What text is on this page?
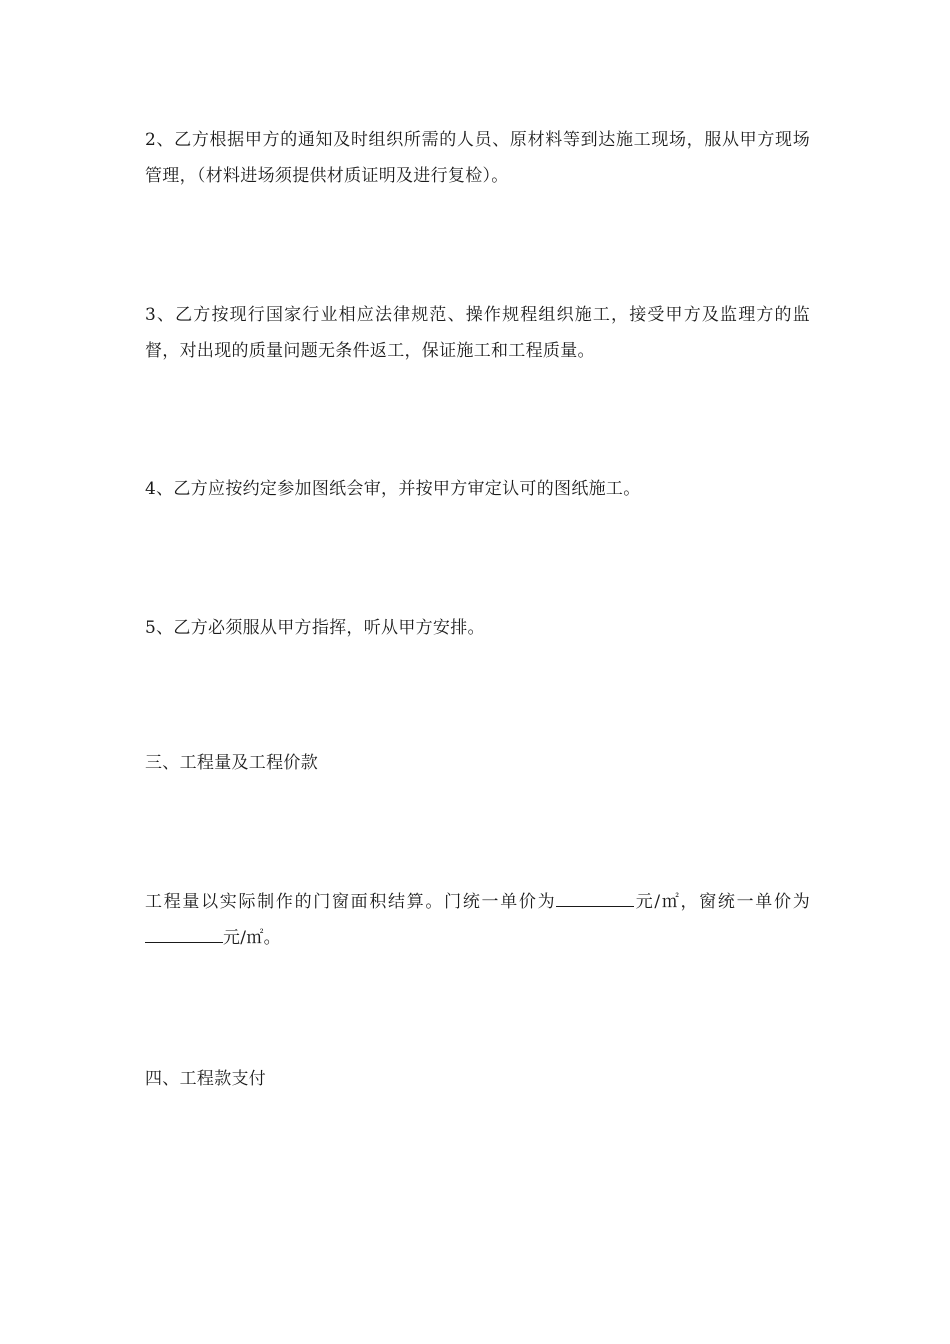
2、乙方根据甲方的通知及时组织所需的人员、原材料等到达施工现场，服从甲方现场管理，（材料进场须提供材质证明及进行复检）。

3、乙方按现行国家行业相应法律规范、操作规程组织施工，接受甲方及监理方的监督，对出现的质量问题无条件返工，保证施工和工程质量。

4、乙方应按约定参加图纸会审，并按甲方审定认可的图纸施工。

5、乙方必须服从甲方指挥，听从甲方安排。

三、工程量及工程价款

工程量以实际制作的门窗面积结算。门统一单价为	元/㎡，窗统一单价为元/㎡。

四、工程款支付
